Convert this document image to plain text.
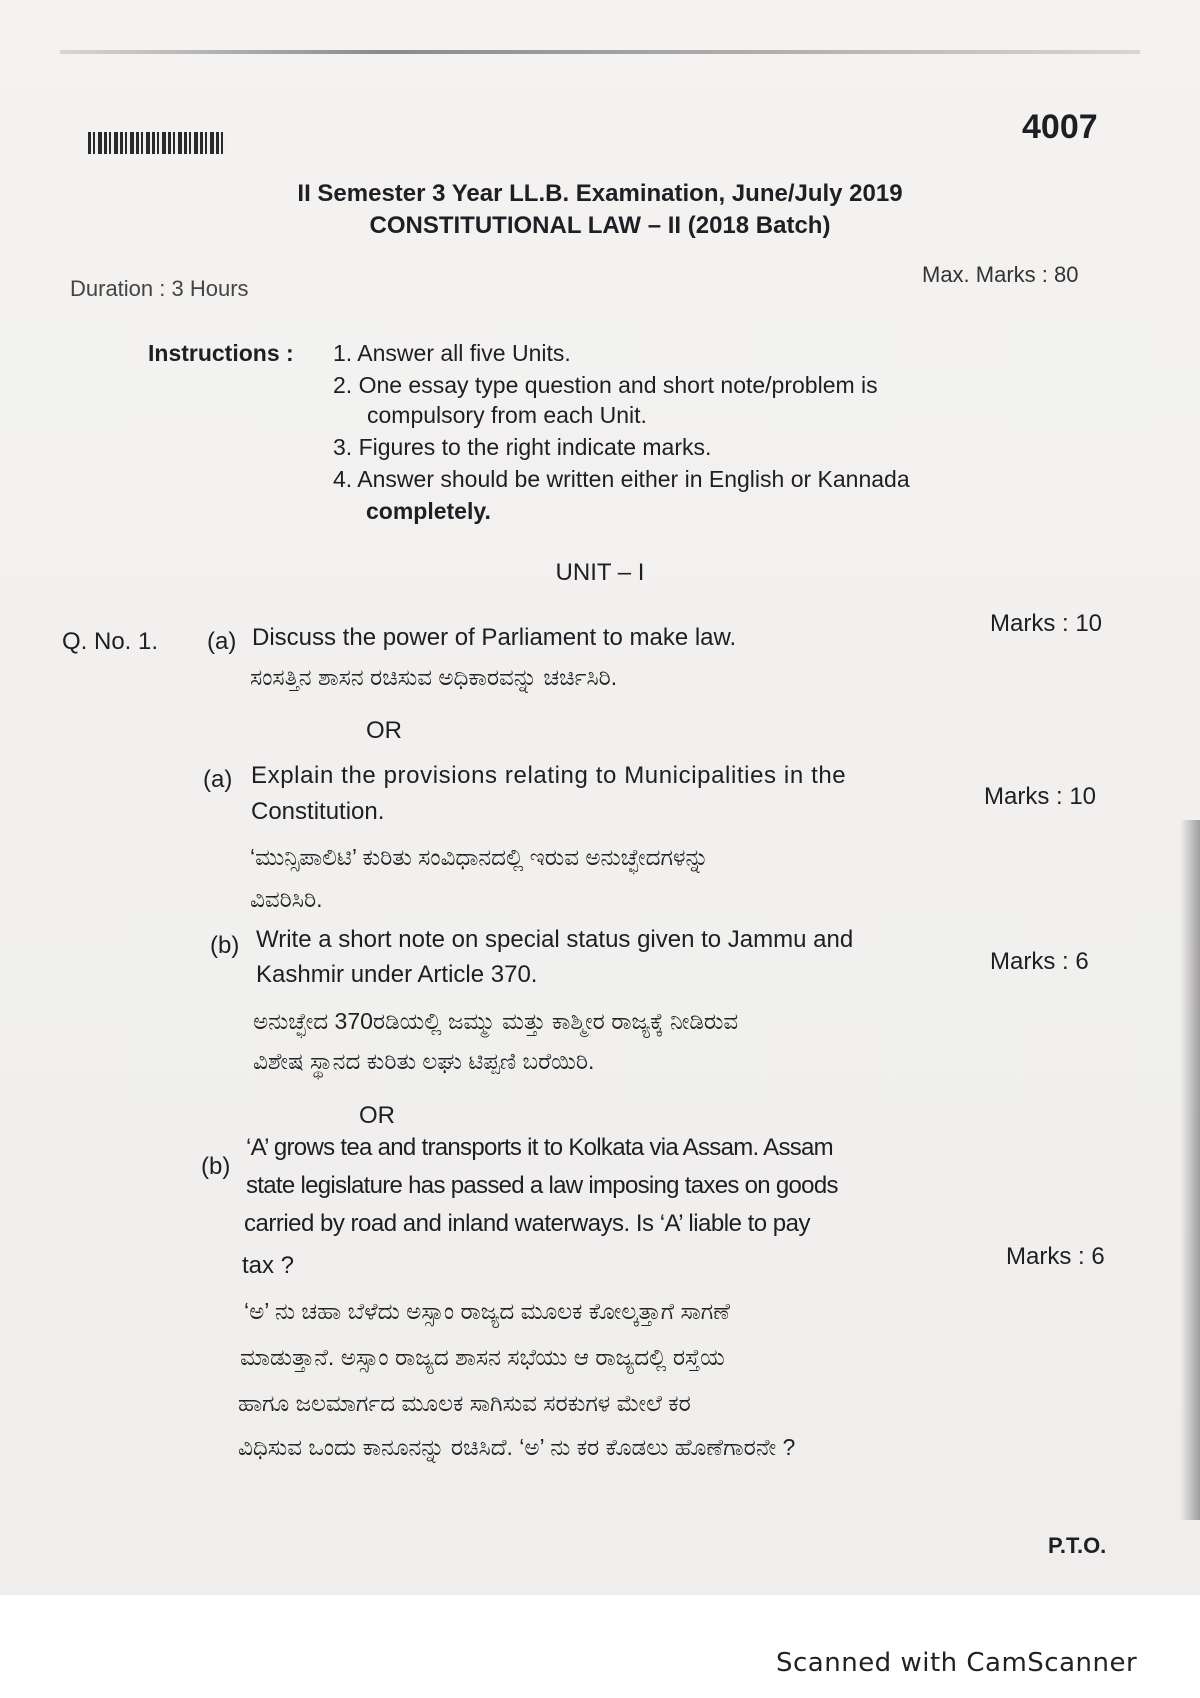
4007
II Semester 3 Year LL.B. Examination, June/July 2019
CONSTITUTIONAL LAW – II (2018 Batch)
Duration : 3 Hours
Max. Marks : 80
Instructions : 1. Answer all five Units.
2. One essay type question and short note/problem is
compulsory from each Unit.
3. Figures to the right indicate marks.
4. Answer should be written either in English or Kannada
completely.
UNIT – I
Q. No. 1. (a) Discuss the power of Parliament to make law.
Marks : 10
ಸಂಸತ್ತಿನ ಶಾಸನ ರಚಿಸುವ ಅಧಿಕಾರವನ್ನು ಚರ್ಚಿಸಿರಿ.
OR
(a) Explain the provisions relating to Municipalities in the
Constitution.
Marks : 10
‘ಮುನ್ಸಿಪಾಲಿಟಿ’ ಕುರಿತು ಸಂವಿಧಾನದಲ್ಲಿ ಇರುವ ಅನುಚ್ಛೇದಗಳನ್ನು
ವಿವರಿಸಿರಿ.
(b) Write a short note on special status given to Jammu and
Kashmir under Article 370.	Marks : 6
ಅನುಚ್ಛೇದ 370ರಡಿಯಲ್ಲಿ ಜಮ್ಮು ಮತ್ತು ಕಾಶ್ಮೀರ ರಾಜ್ಯಕ್ಕೆ ನೀಡಿರುವ
ವಿಶೇಷ ಸ್ಥಾನದ ಕುರಿತು ಲಘು ಟಿಪ್ಪಣಿ ಬರೆಯಿರಿ.
OR
(b)
‘A’ grows tea and transports it to Kolkata via Assam. Assam
state legislature has passed a law imposing taxes on goods
carried by road and inland waterways. Is ‘A’ liable to pay
tax ?	Marks : 6
‘ಅ’ ನು ಚಹಾ ಬೆಳೆದು ಅಸ್ಸಾಂ ರಾಜ್ಯದ ಮೂಲಕ ಕೋಲ್ಕತ್ತಾಗೆ ಸಾಗಣೆ
ಮಾಡುತ್ತಾನೆ. ಅಸ್ಸಾಂ ರಾಜ್ಯದ ಶಾಸನ ಸಭೆಯು ಆ ರಾಜ್ಯದಲ್ಲಿ ರಸ್ತೆಯ
ಹಾಗೂ ಜಲಮಾರ್ಗದ ಮೂಲಕ ಸಾಗಿಸುವ ಸರಕುಗಳ ಮೇಲೆ ಕರ
ವಿಧಿಸುವ ಒಂದು ಕಾನೂನನ್ನು ರಚಿಸಿದೆ. ‘ಅ’ ನು ಕರ ಕೊಡಲು ಹೊಣೆಗಾರನೇ ?
P.T.O.
Scanned with CamScanner
